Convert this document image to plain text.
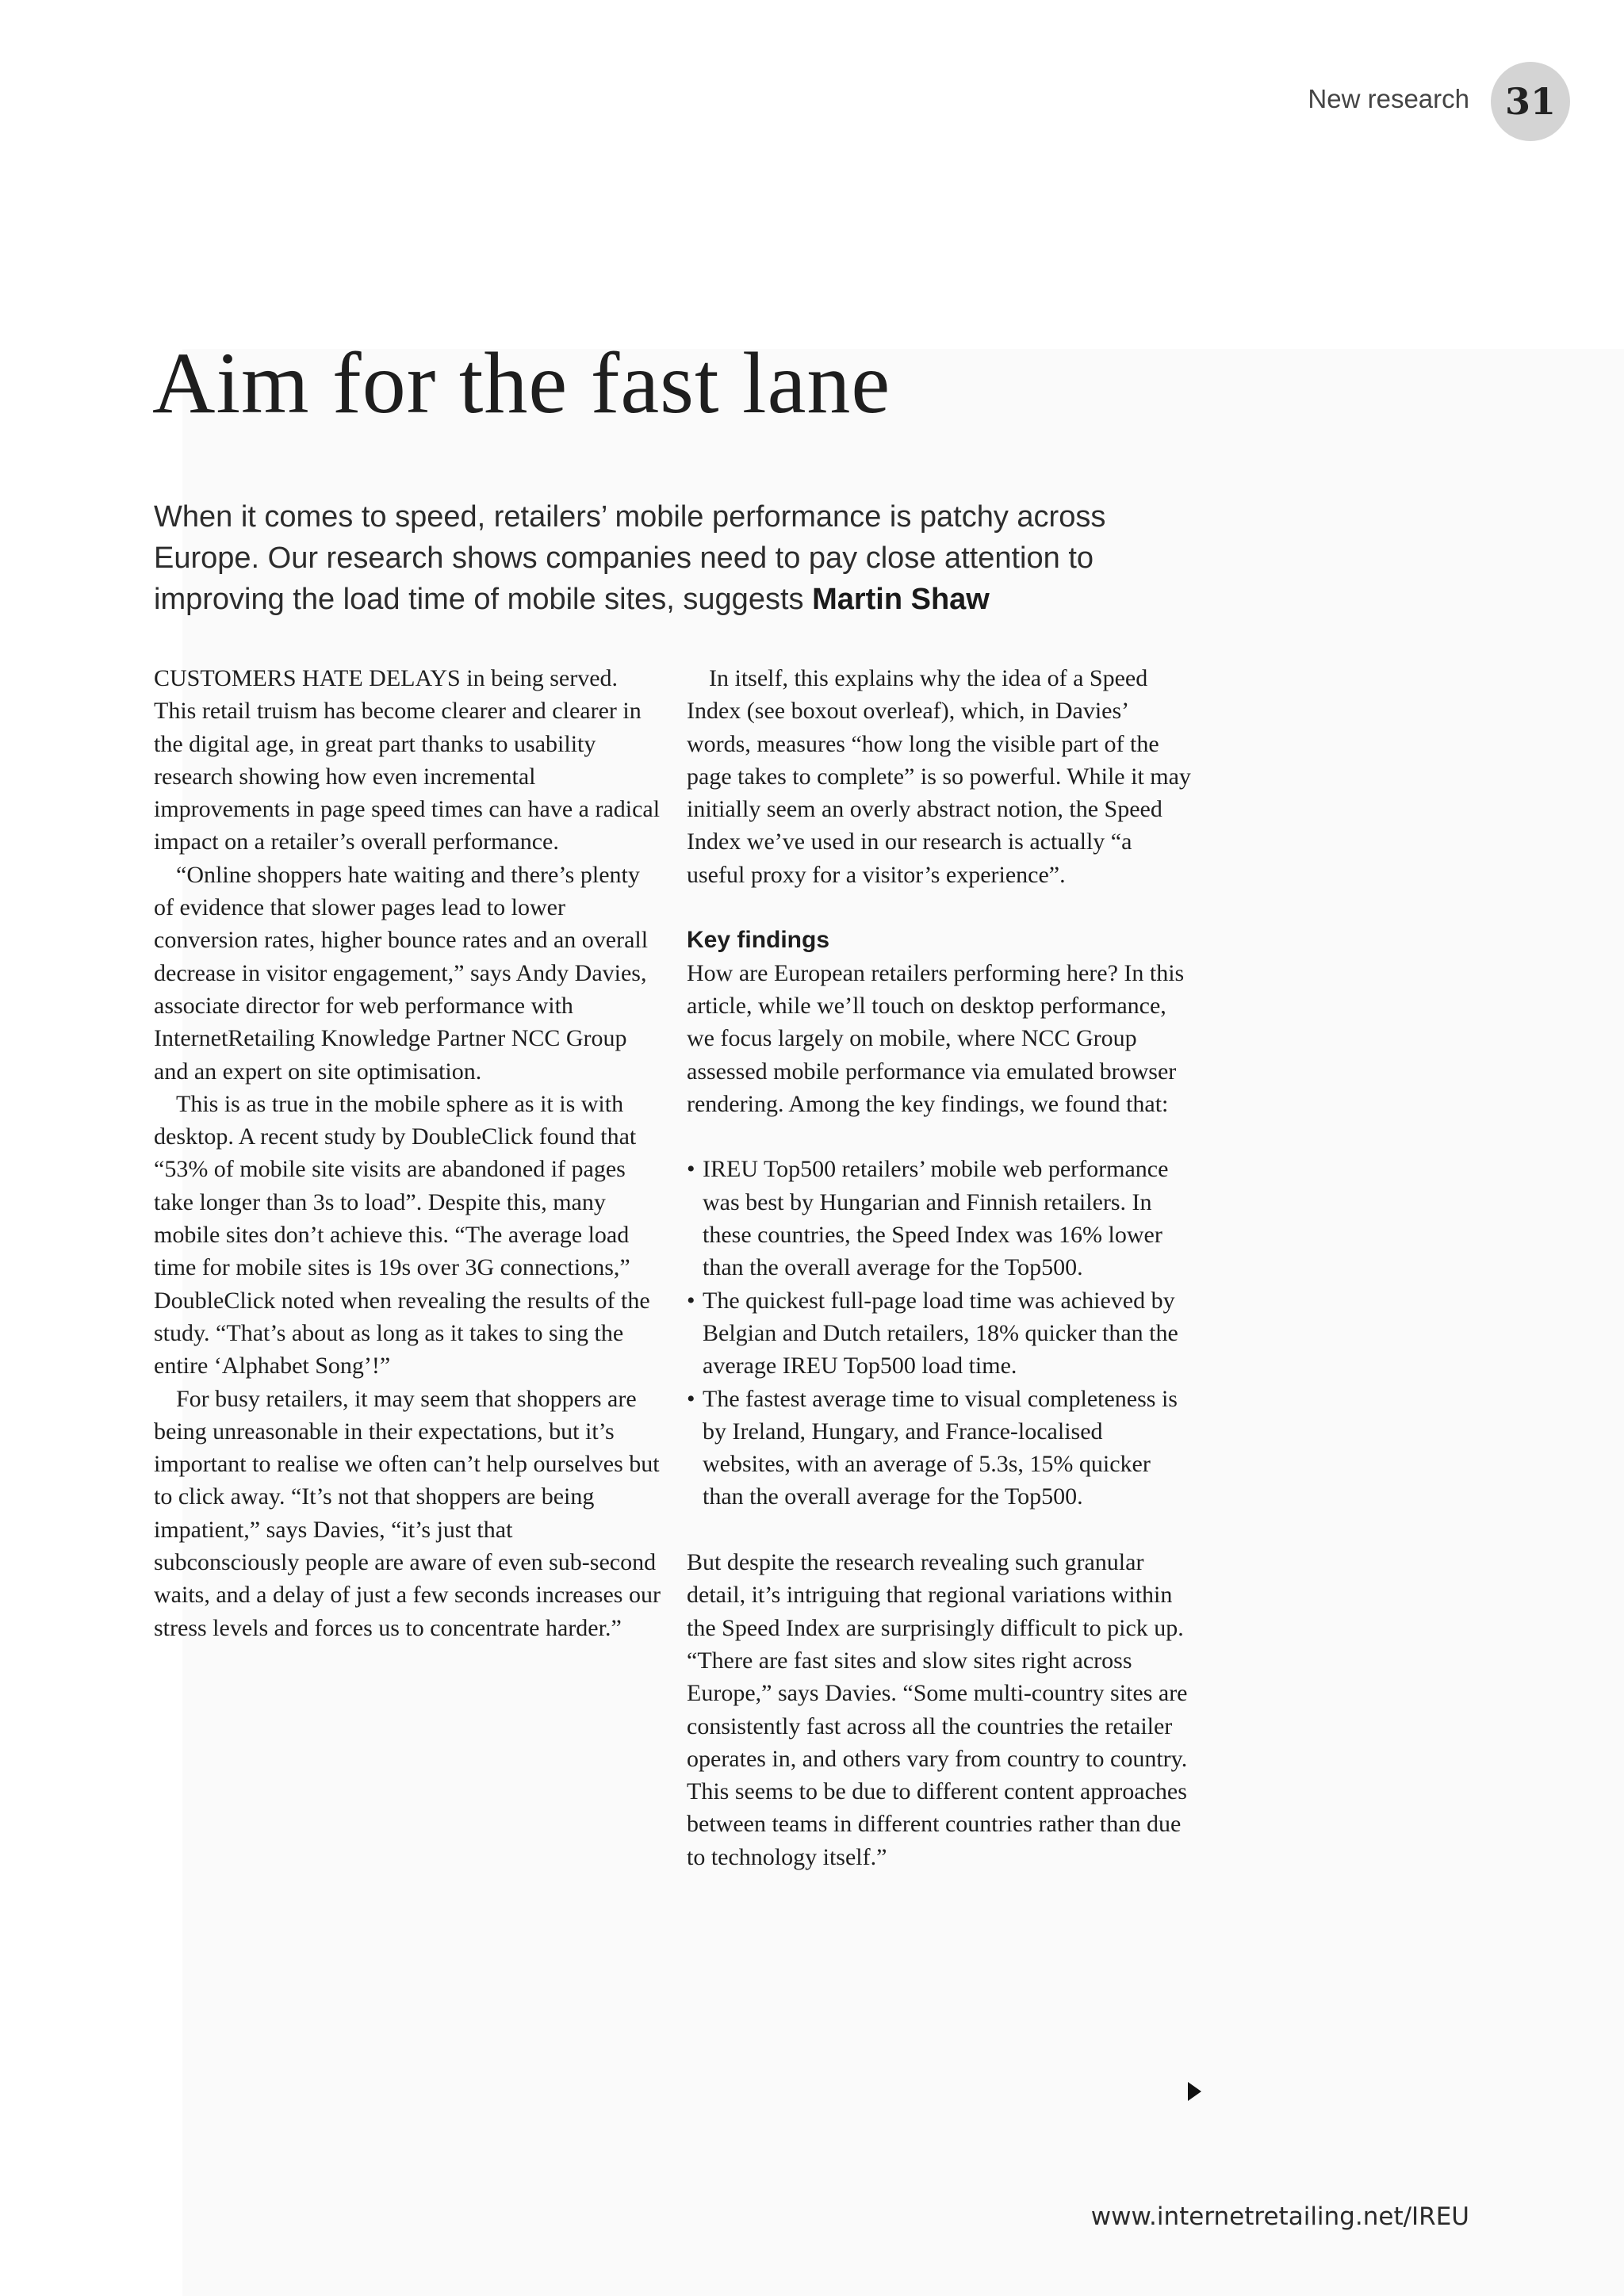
New research 31
Aim for the fast lane
When it comes to speed, retailers’ mobile performance is patchy across Europe. Our research shows companies need to pay close attention to improving the load time of mobile sites, suggests Martin Shaw

CUSTOMERS HATE DELAYS in being served. This retail truism has become clearer and clearer in the digital age, in great part thanks to usability research showing how even incremental improvements in page speed times can have a radical impact on a retailer’s overall performance.

“Online shoppers hate waiting and there’s plenty of evidence that slower pages lead to lower conversion rates, higher bounce rates and an overall decrease in visitor engagement,” says Andy Davies, associate director for web performance with InternetRetailing Knowledge Partner NCC Group and an expert on site optimisation.

This is as true in the mobile sphere as it is with desktop. A recent study by DoubleClick found that “53% of mobile site visits are abandoned if pages take longer than 3s to load”. Despite this, many mobile sites don’t achieve this. “The average load time for mobile sites is 19s over 3G connections,” DoubleClick noted when revealing the results of the study. “That’s about as long as it takes to sing the entire ‘Alphabet Song’!”

For busy retailers, it may seem that shoppers are being unreasonable in their expectations, but it’s important to realise we often can’t help ourselves but to click away. “It’s not that shoppers are being impatient,” says Davies, “it’s just that subconsciously people are aware of even sub-second waits, and a delay of just a few seconds increases our stress levels and forces us to concentrate harder.”

In itself, this explains why the idea of a Speed Index (see boxout overleaf), which, in Davies’ words, measures “how long the visible part of the page takes to complete” is so powerful. While it may initially seem an overly abstract notion, the Speed Index we’ve used in our research is actually “a useful proxy for a visitor’s experience”.

Key findings

How are European retailers performing here? In this article, while we’ll touch on desktop performance, we focus largely on mobile, where NCC Group assessed mobile performance via emulated browser rendering. Among the key findings, we found that:

• IREU Top500 retailers’ mobile web performance was best by Hungarian and Finnish retailers. In these countries, the Speed Index was 16% lower than the overall average for the Top500.
• The quickest full-page load time was achieved by Belgian and Dutch retailers, 18% quicker than the average IREU Top500 load time.
• The fastest average time to visual completeness is by Ireland, Hungary, and France-localised websites, with an average of 5.3s, 15% quicker than the overall average for the Top500.

But despite the research revealing such granular detail, it’s intriguing that regional variations within the Speed Index are surprisingly difficult to pick up. “There are fast sites and slow sites right across Europe,” says Davies. “Some multi-country sites are consistently fast across all the countries the retailer operates in, and others vary from country to country. This seems to be due to different content approaches between teams in different countries rather than due to technology itself.”

www.internetretailing.net/IREU
